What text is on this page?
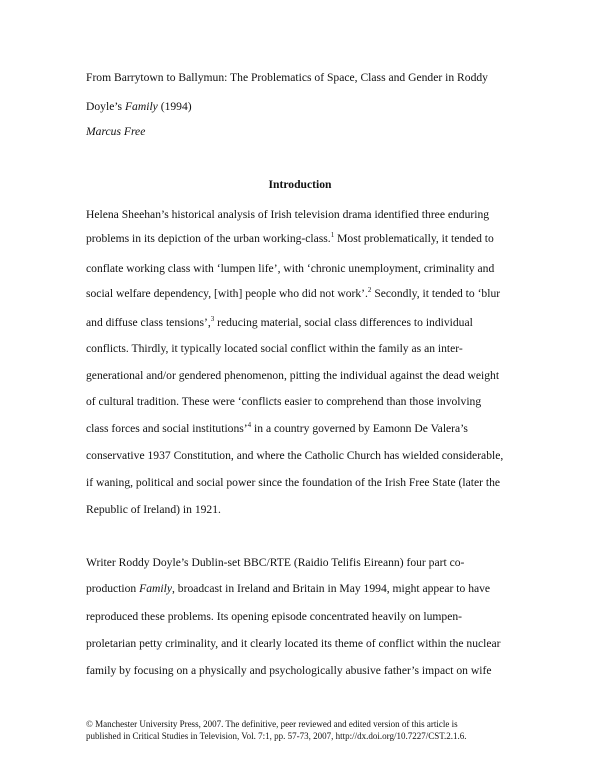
From Barrytown to Ballymun: The Problematics of Space, Class and Gender in Roddy
Doyle’s Family (1994)
Marcus Free
Introduction
Helena Sheehan’s historical analysis of Irish television drama identified three enduring
problems in its depiction of the urban working-class.$^1$ Most problematically, it tended to
conflate working class with ‘lumpen life’, with ‘chronic unemployment, criminality and
social welfare dependency, [with] people who did not work’.$^2$ Secondly, it tended to ‘blur
and diffuse class tensions’,$^3$ reducing material, social class differences to individual
conflicts. Thirdly, it typically located social conflict within the family as an inter-
generational and/or gendered phenomenon, pitting the individual against the dead weight
of cultural tradition. These were ‘conflicts easier to comprehend than those involving
class forces and social institutions’$^4$ in a country governed by Eamonn De Valera’s
conservative 1937 Constitution, and where the Catholic Church has wielded considerable,
if waning, political and social power since the foundation of the Irish Free State (later the
Republic of Ireland) in 1921.
Writer Roddy Doyle’s Dublin-set BBC/RTE (Raidio Telifis Eireann) four part co-
production Family, broadcast in Ireland and Britain in May 1994, might appear to have
reproduced these problems. Its opening episode concentrated heavily on lumpen-
proletarian petty criminality, and it clearly located its theme of conflict within the nuclear
family by focusing on a physically and psychologically abusive father’s impact on wife
© Manchester University Press, 2007. The definitive, peer reviewed and edited version of this article is
published in Critical Studies in Television, Vol. 7:1, pp. 57-73, 2007, http://dx.doi.org/10.7227/CST.2.1.6.
